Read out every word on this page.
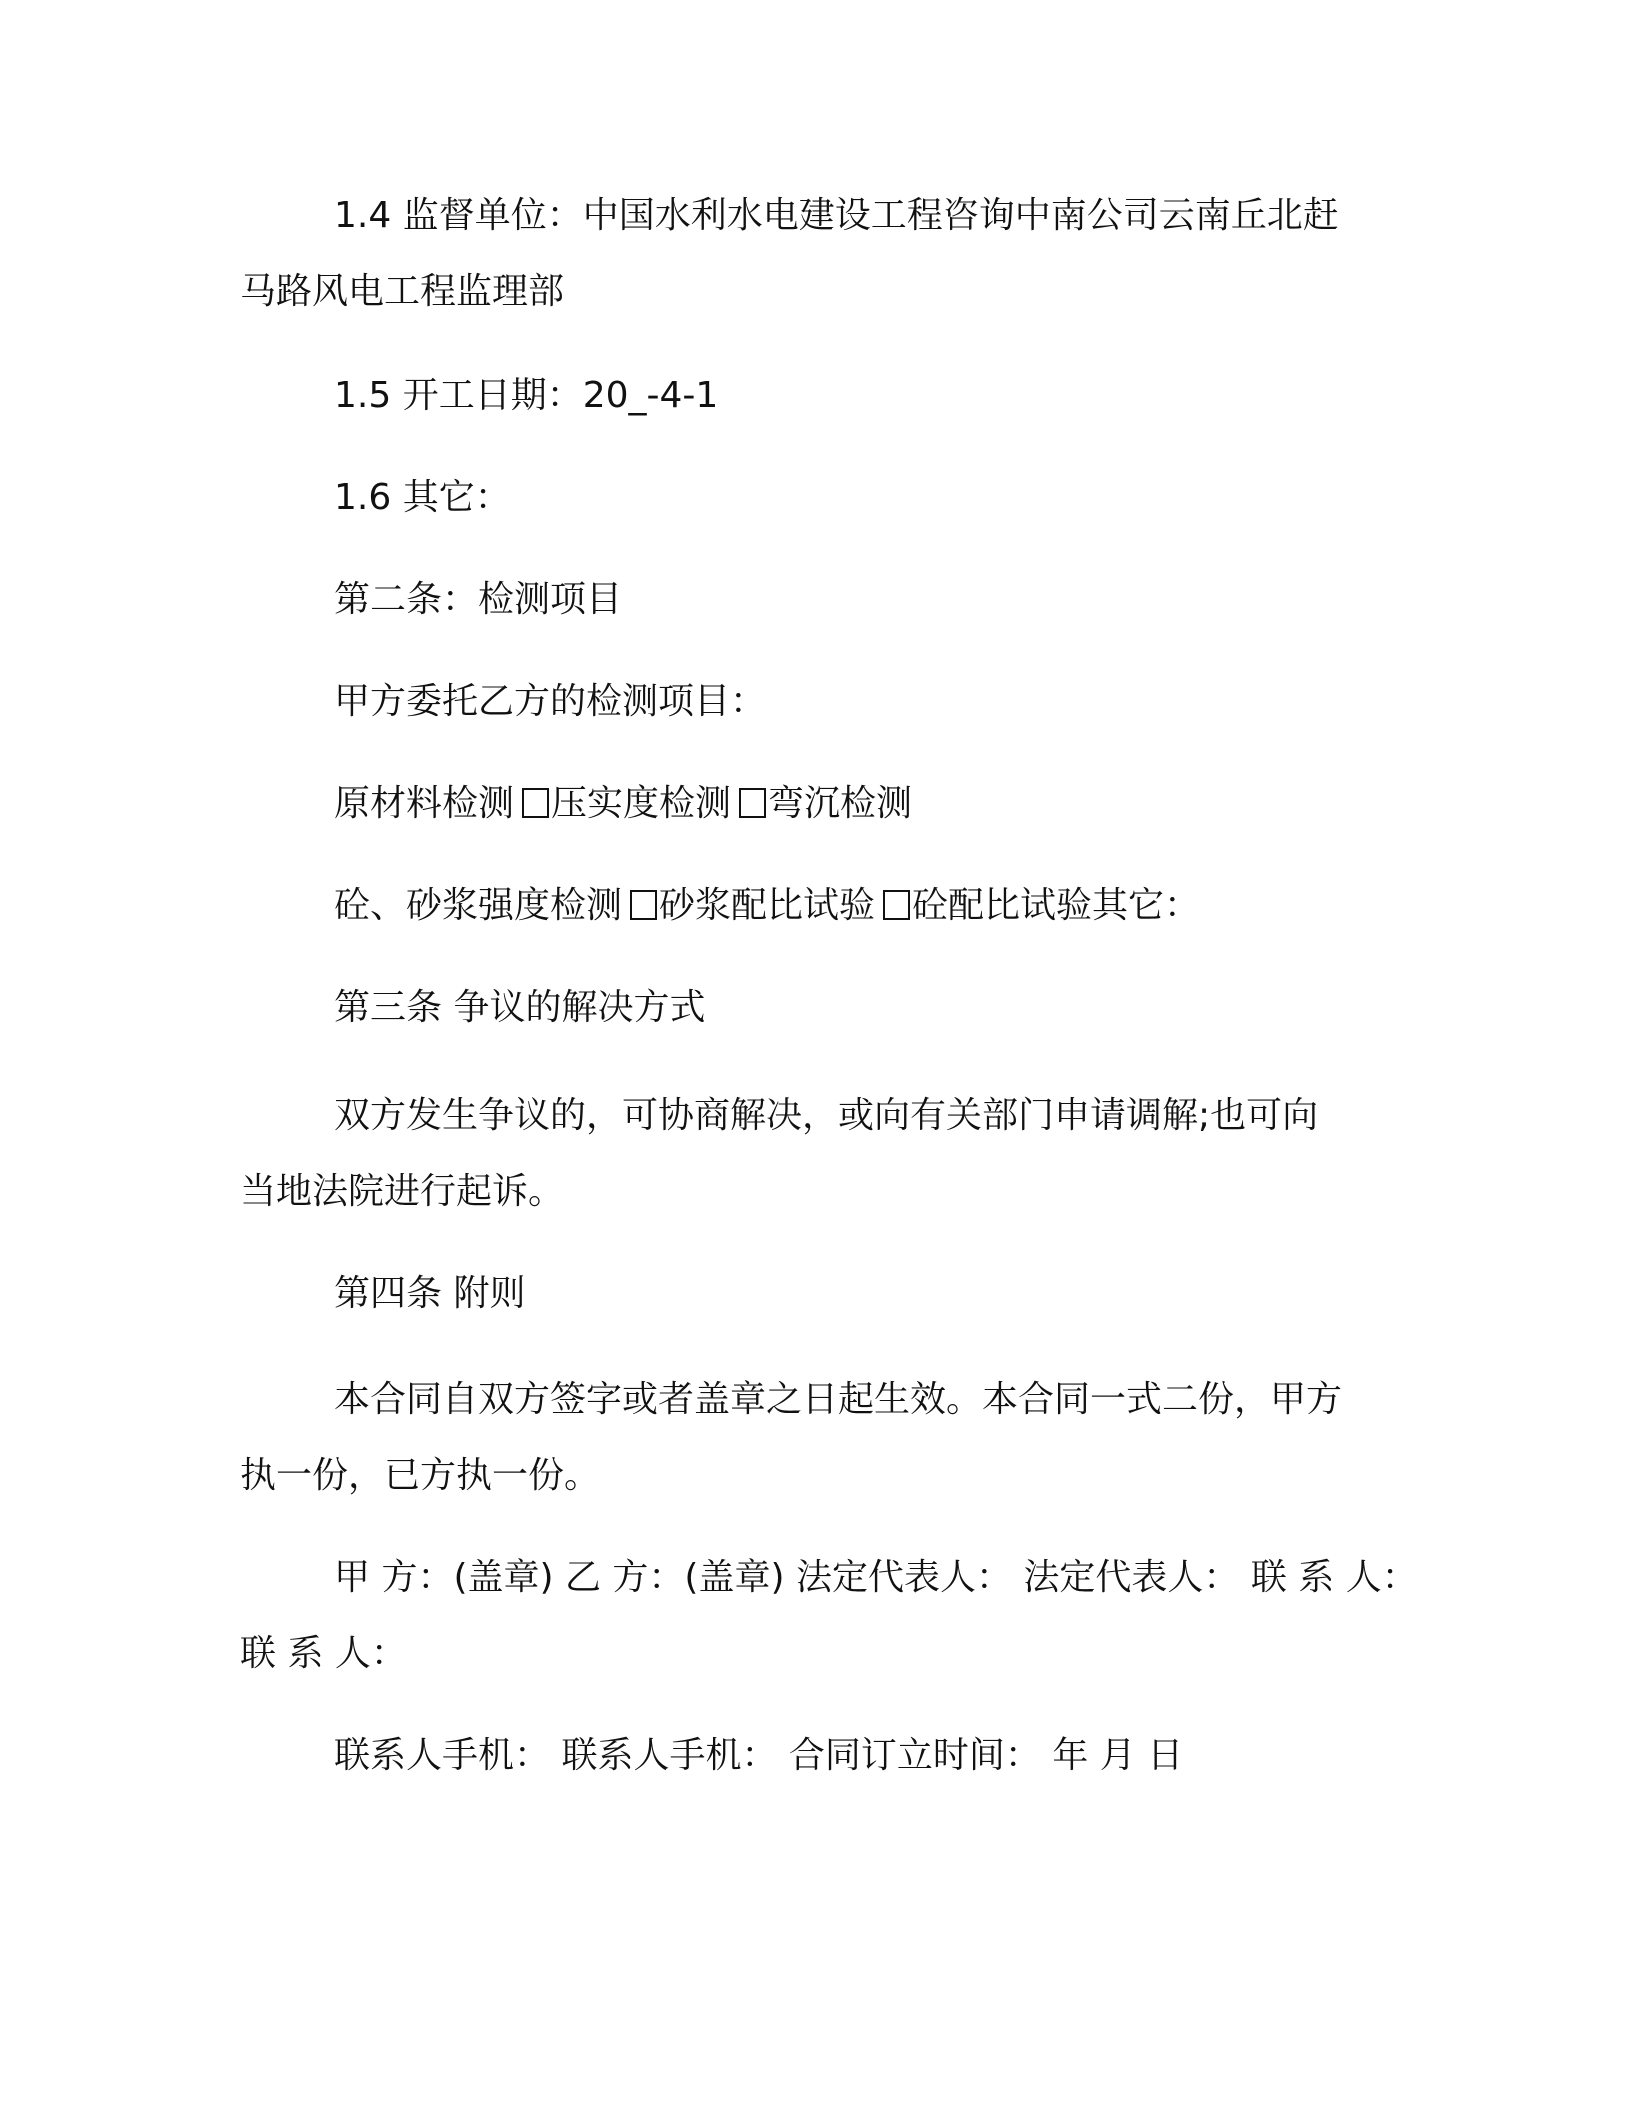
1.4 监督单位：中国水利水电建设工程咨询中南公司云南丘北赶
马路风电工程监理部

1.5 开工日期：20_-4-1

1.6 其它：

第二条：检测项目

甲方委托乙方的检测项目：

原材料检测 压实度检测 弯沉检测

砼、砂浆强度检测 砂浆配比试验 砼配比试验其它：

第三条 争议的解决方式

双方发生争议的，可协商解决，或向有关部门申请调解;也可向
当地法院进行起诉。

第四条 附则

本合同自双方签字或者盖章之日起生效。本合同一式二份，甲方
执一份，已方执一份。

甲 方：(盖章) 乙 方：(盖章) 法定代表人： 法定代表人： 联 系 人：
联 系 人：

联系人手机： 联系人手机： 合同订立时间： 年 月 日
